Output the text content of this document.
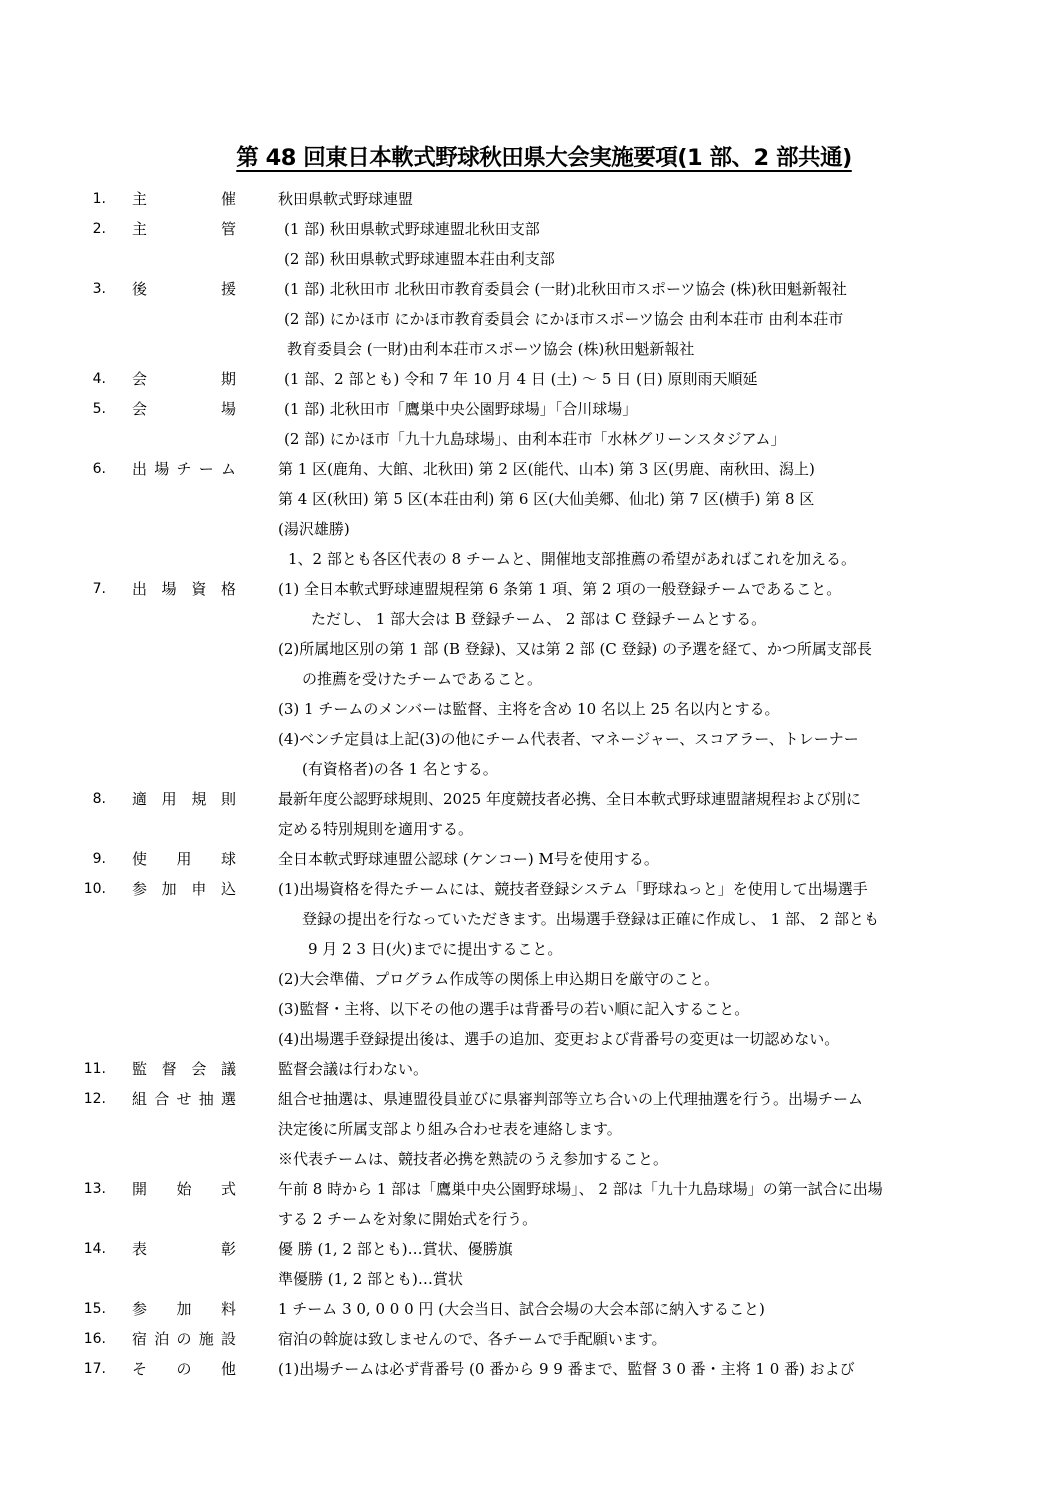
第 48 回東日本軟式野球秋田県大会実施要項(1 部、2 部共通)
1. 主	催	秋田県軟式野球連盟
2. 主	管	(1 部) 秋田県軟式野球連盟北秋田支部
(2 部) 秋田県軟式野球連盟本荘由利支部
3. 後	援	(1 部) 北秋田市 北秋田市教育委員会 (一財)北秋田市スポーツ協会 (株)秋田魁新報社
(2 部) にかほ市 にかほ市教育委員会 にかほ市スポーツ協会 由利本荘市 由利本荘市
教育委員会 (一財)由利本荘市スポーツ協会 (株)秋田魁新報社
4. 会	期	(1 部、2 部とも) 令和 7 年 10 月 4 日 (土) ～ 5 日 (日) 原則雨天順延
5. 会	場	(1 部) 北秋田市「鷹巣中央公園野球場」「合川球場」
(2 部) にかほ市「九十九島球場」、由利本荘市「水林グリーンスタジアム」
6. 出 場 チ ー ム	第 1 区(鹿角、大館、北秋田) 第 2 区(能代、山本) 第 3 区(男鹿、南秋田、潟上)
第 4 区(秋田) 第 5 区(本荘由利) 第 6 区(大仙美郷、仙北) 第 7 区(横手) 第 8 区
(湯沢雄勝)
1、2 部とも各区代表の 8 チームと、開催地支部推薦の希望があればこれを加える。
7. 出 場 資 格	(1) 全日本軟式野球連盟規程第 6 条第 1 項、第 2 項の一般登録チームであること。
ただし、 1 部大会は B 登録チーム、 2 部は C 登録チームとする。
(2)所属地区別の第 1 部 (B 登録)、又は第 2 部 (C 登録) の予選を経て、かつ所属支部長
の推薦を受けたチームであること。
(3) 1 チームのメンバーは監督、主将を含め 10 名以上 25 名以内とする。
(4)ベンチ定員は上記(3)の他にチーム代表者、マネージャー、スコアラー、トレーナー
(有資格者)の各 1 名とする。
8. 適 用 規 則	最新年度公認野球規則、2025 年度競技者必携、全日本軟式野球連盟諸規程および別に
定める特別規則を適用する。
9. 使 用 球	全日本軟式野球連盟公認球 (ケンコー) M号を使用する。
10. 参 加 申 込	(1)出場資格を得たチームには、競技者登録システム「野球ねっと」を使用して出場選手
登録の提出を行なっていただきます。出場選手登録は正確に作成し、 1 部、 2 部とも
9 月 2 3 日(火)までに提出すること。
(2)大会準備、プログラム作成等の関係上申込期日を厳守のこと。
(3)監督・主将、以下その他の選手は背番号の若い順に記入すること。
(4)出場選手登録提出後は、選手の追加、変更および背番号の変更は一切認めない。
11. 監 督 会 議	監督会議は行わない。
12. 組 合 せ 抽 選	組合せ抽選は、県連盟役員並びに県審判部等立ち合いの上代理抽選を行う。出場チーム
決定後に所属支部より組み合わせ表を連絡します。
※代表チームは、競技者必携を熟読のうえ参加すること。
13. 開 始 式	午前 8 時から 1 部は「鷹巣中央公園野球場」、 2 部は「九十九島球場」の第一試合に出場
する 2 チームを対象に開始式を行う。
14. 表	彰	優 勝 (1, 2 部とも)…賞状、優勝旗
準優勝 (1, 2 部とも)…賞状
15. 参 加 料	1 チーム 3 0, 0 0 0 円 (大会当日、試合会場の大会本部に納入すること)
16. 宿 泊 の 施 設	宿泊の斡旋は致しませんので、各チームで手配願います。
17. そ の 他	(1)出場チームは必ず背番号 (0 番から 9 9 番まで、監督 3 0 番・主将 1 0 番) および
